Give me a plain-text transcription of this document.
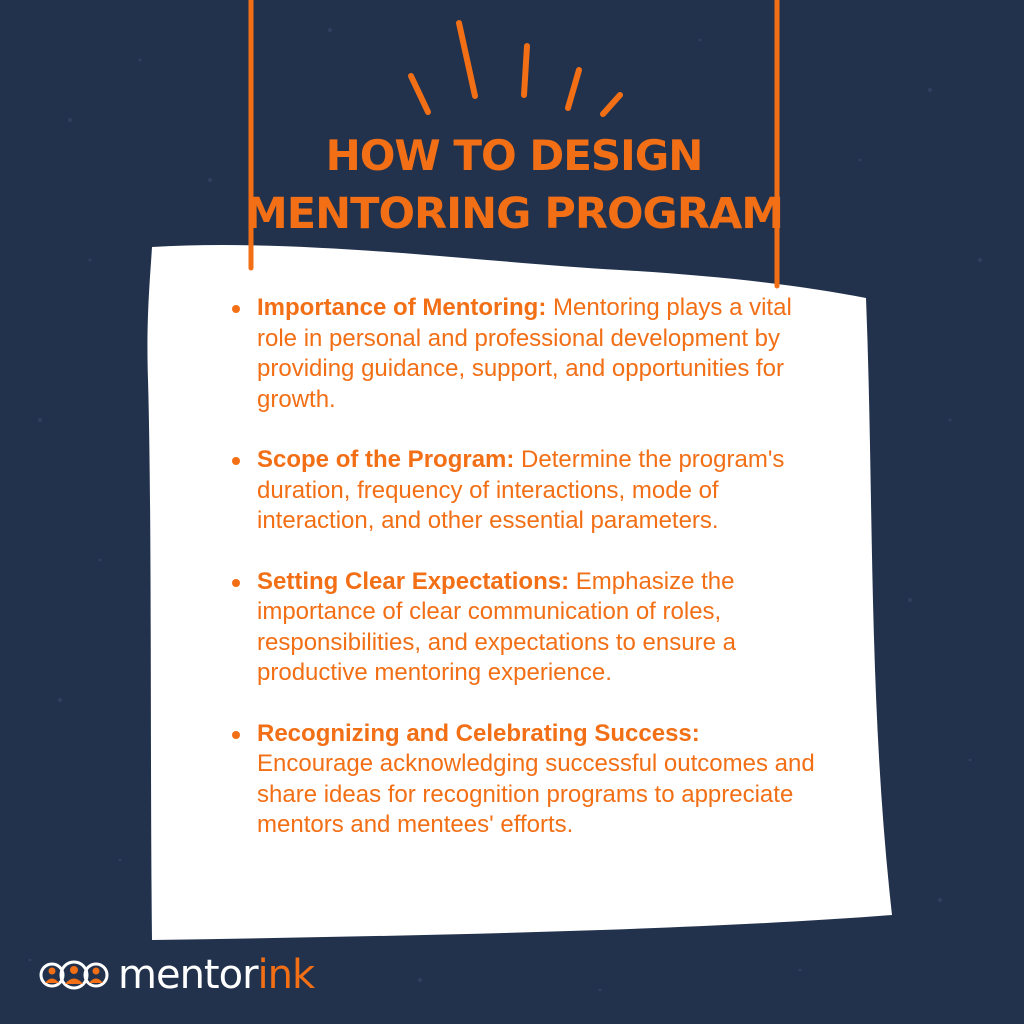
HOW TO DESIGN
MENTORING PROGRAM
Importance of Mentoring: Mentoring plays a vital role in personal and professional development by providing guidance, support, and opportunities for growth.
Scope of the Program: Determine the program's duration, frequency of interactions, mode of interaction, and other essential parameters.
Setting Clear Expectations: Emphasize the importance of clear communication of roles, responsibilities, and expectations to ensure a productive mentoring experience.
Recognizing and Celebrating Success: Encourage acknowledging successful outcomes and share ideas for recognition programs to appreciate mentors and mentees' efforts.
mentorink
